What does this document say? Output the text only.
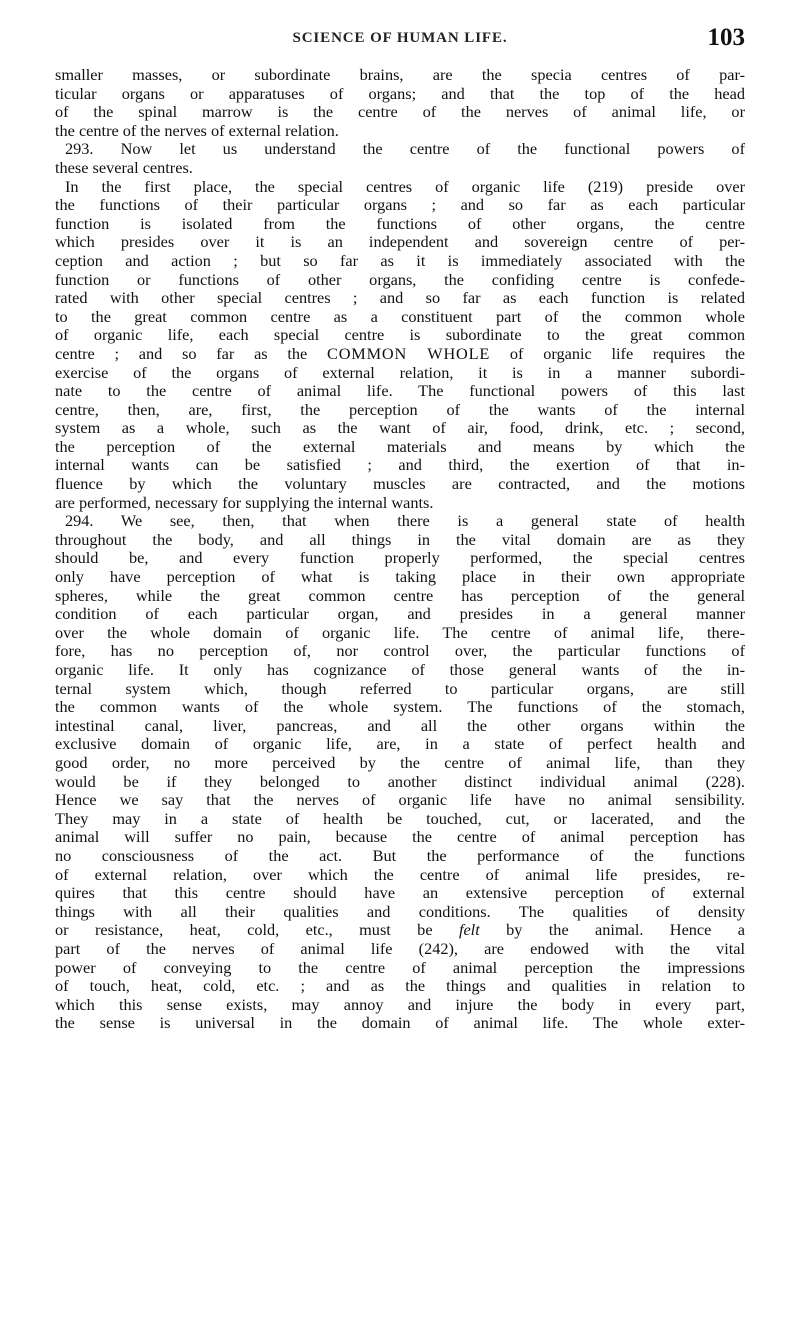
SCIENCE OF HUMAN LIFE.	103
smaller masses, or subordinate brains, are the specia centres of par-
ticular organs or apparatuses of organs; and that the top of the head
of the spinal marrow is the centre of the nerves of animal life, or
the centre of the nerves of external relation.
293. Now let us understand the centre of the functional powers of
these several centres.
In the first place, the special centres of organic life (219) preside over
the functions of their particular organs ; and so far as each particular
function is isolated from the functions of other organs, the centre
which presides over it is an independent and sovereign centre of per-
ception and action ; but so far as it is immediately associated with the
function or functions of other organs, the confiding centre is confede-
rated with other special centres ; and so far as each function is related
to the great common centre as a constituent part of the common whole
of organic life, each special centre is subordinate to the great common
centre ; and so far as the COMMON WHOLE of organic life requires the
exercise of the organs of external relation, it is in a manner subordi-
nate to the centre of animal life. The functional powers of this last
centre, then, are, first, the perception of the wants of the internal
system as a whole, such as the want of air, food, drink, etc. ; second,
the perception of the external materials and means by which the
internal wants can be satisfied ; and third, the exertion of that in-
fluence by which the voluntary muscles are contracted, and the motions
are performed, necessary for supplying the internal wants.
294. We see, then, that when there is a general state of health
throughout the body, and all things in the vital domain are as they
should be, and every function properly performed, the special centres
only have perception of what is taking place in their own appropriate
spheres, while the great common centre has perception of the general
condition of each particular organ, and presides in a general manner
over the whole domain of organic life. The centre of animal life, there-
fore, has no perception of, nor control over, the particular functions of
organic life. It only has cognizance of those general wants of the in-
ternal system which, though referred to particular organs, are still
the common wants of the whole system. The functions of the stomach,
intestinal canal, liver, pancreas, and all the other organs within the
exclusive domain of organic life, are, in a state of perfect health and
good order, no more perceived by the centre of animal life, than they
would be if they belonged to another distinct individual animal (228).
Hence we say that the nerves of organic life have no animal sensibility.
They may in a state of health be touched, cut, or lacerated, and the
animal will suffer no pain, because the centre of animal perception has
no consciousness of the act. But the performance of the functions
of external relation, over which the centre of animal life presides, re-
quires that this centre should have an extensive perception of external
things with all their qualities and conditions. The qualities of density
or resistance, heat, cold, etc., must be felt by the animal. Hence a
part of the nerves of animal life (242), are endowed with the vital
power of conveying to the centre of animal perception the impressions
of touch, heat, cold, etc. ; and as the things and qualities in relation to
which this sense exists, may annoy and injure the body in every part,
the sense is universal in the domain of animal life. The whole exter-
